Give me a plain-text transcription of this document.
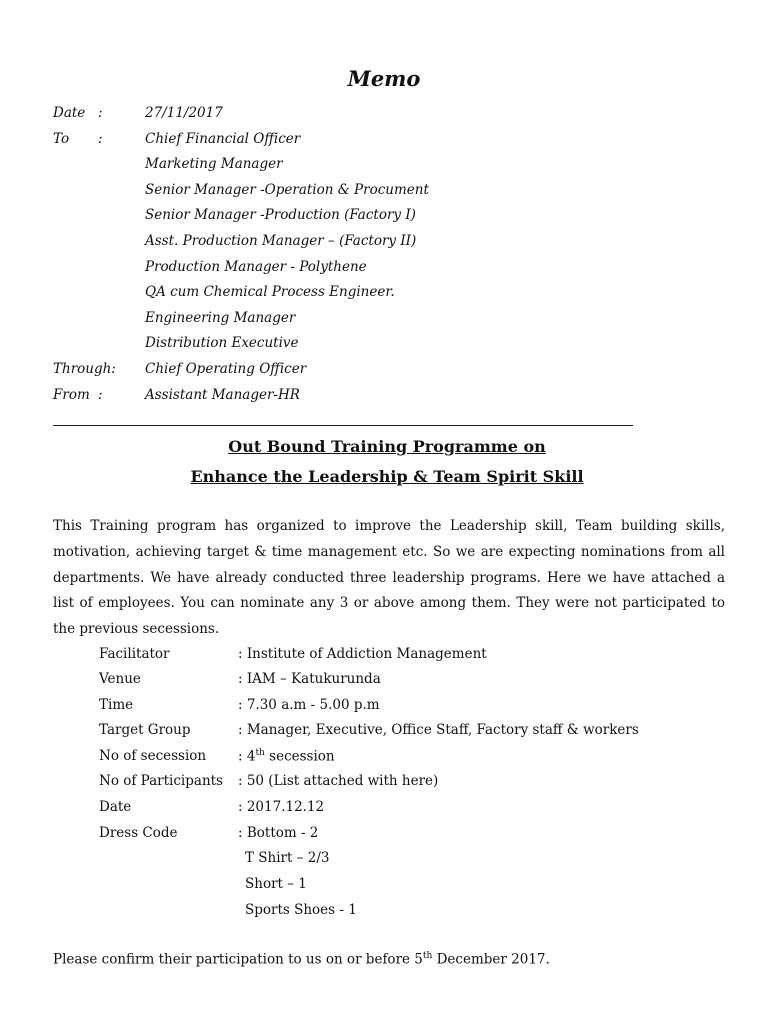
Memo
Date :	27/11/2017
To	:	Chief Financial Officer
Marketing Manager
Senior Manager -Operation & Procument
Senior Manager -Production (Factory I)
Asst. Production Manager – (Factory II)
Production Manager - Polythene
QA cum Chemical Process Engineer.
Engineering Manager
Distribution Executive
Through: Chief Operating Officer
From :	Assistant Manager-HR
Out Bound Training Programme on
Enhance the Leadership & Team Spirit Skill
This Training program has organized to improve the Leadership skill, Team building skills, motivation, achieving target & time management etc. So we are expecting nominations from all departments. We have already conducted three leadership programs. Here we have attached a list of employees. You can nominate any 3 or above among them. They were not participated to the previous secessions.
Facilitator	: Institute of Addiction Management
Venue	: IAM – Katukurunda
Time	: 7.30 a.m - 5.00 p.m
Target Group	: Manager, Executive, Office Staff, Factory staff & workers
No of secession : 4th secession
No of Participants : 50 (List attached with here)
Date	: 2017.12.12
Dress Code	: Bottom - 2
T Shirt – 2/3
Short – 1
Sports Shoes - 1
Please confirm their participation to us on or before 5th December 2017.
